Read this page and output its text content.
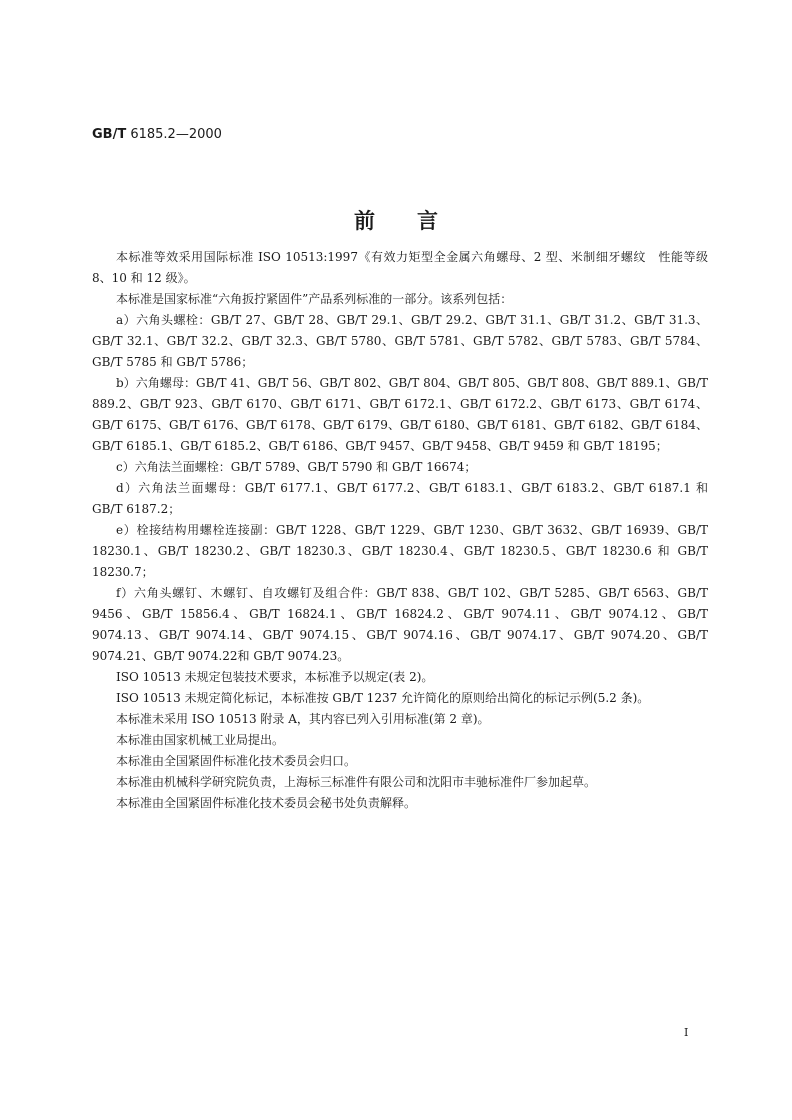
GB/T 6185.2—2000
前言

本标准等效采用国际标准 ISO 10513:1997《有效力矩型全金属六角螺母、2 型、米制细牙螺纹　性能等级 8、10 和 12 级》。

本标准是国家标准“六角扳拧紧固件”产品系列标准的一部分。该系列包括：

a）六角头螺栓：GB/T 27、GB/T 28、GB/T 29.1、GB/T 29.2、GB/T 31.1、GB/T 31.2、GB/T 31.3、GB/T 32.1、GB/T 32.2、GB/T 32.3、GB/T 5780、GB/T 5781、GB/T 5782、GB/T 5783、GB/T 5784、GB/T 5785 和 GB/T 5786；

b）六角螺母：GB/T 41、GB/T 56、GB/T 802、GB/T 804、GB/T 805、GB/T 808、GB/T 889.1、GB/T 889.2、GB/T 923、GB/T 6170、GB/T 6171、GB/T 6172.1、GB/T 6172.2、GB/T 6173、GB/T 6174、GB/T 6175、GB/T 6176、GB/T 6178、GB/T 6179、GB/T 6180、GB/T 6181、GB/T 6182、GB/T 6184、GB/T 6185.1、GB/T 6185.2、GB/T 6186、GB/T 9457、GB/T 9458、GB/T 9459 和 GB/T 18195；

c）六角法兰面螺栓：GB/T 5789、GB/T 5790 和 GB/T 16674；

d）六角法兰面螺母：GB/T 6177.1、GB/T 6177.2、GB/T 6183.1、GB/T 6183.2、GB/T 6187.1 和 GB/T 6187.2；

e）栓接结构用螺栓连接副：GB/T 1228、GB/T 1229、GB/T 1230、GB/T 3632、GB/T 16939、GB/T 18230.1、GB/T 18230.2、GB/T 18230.3、GB/T 18230.4、GB/T 18230.5、GB/T 18230.6 和 GB/T 18230.7；

f）六角头螺钉、木螺钉、自攻螺钉及组合件：GB/T 838、GB/T 102、GB/T 5285、GB/T 6563、GB/T 9456、GB/T 15856.4、GB/T 16824.1、GB/T 16824.2、GB/T 9074.11、GB/T 9074.12、GB/T 9074.13、GB/T 9074.14、GB/T 9074.15、GB/T 9074.16、GB/T 9074.17、GB/T 9074.20、GB/T 9074.21、GB/T 9074.22和 GB/T 9074.23。

ISO 10513 未规定包装技术要求，本标准予以规定(表 2)。

ISO 10513 未规定简化标记，本标准按 GB/T 1237 允许简化的原则给出简化的标记示例(5.2 条)。

本标准未采用 ISO 10513 附录 A，其内容已列入引用标准(第 2 章)。

本标准由国家机械工业局提出。

本标准由全国紧固件标准化技术委员会归口。

本标准由机械科学研究院负责，上海标三标准件有限公司和沈阳市丰驰标准件厂参加起草。

本标准由全国紧固件标准化技术委员会秘书处负责解释。

I
